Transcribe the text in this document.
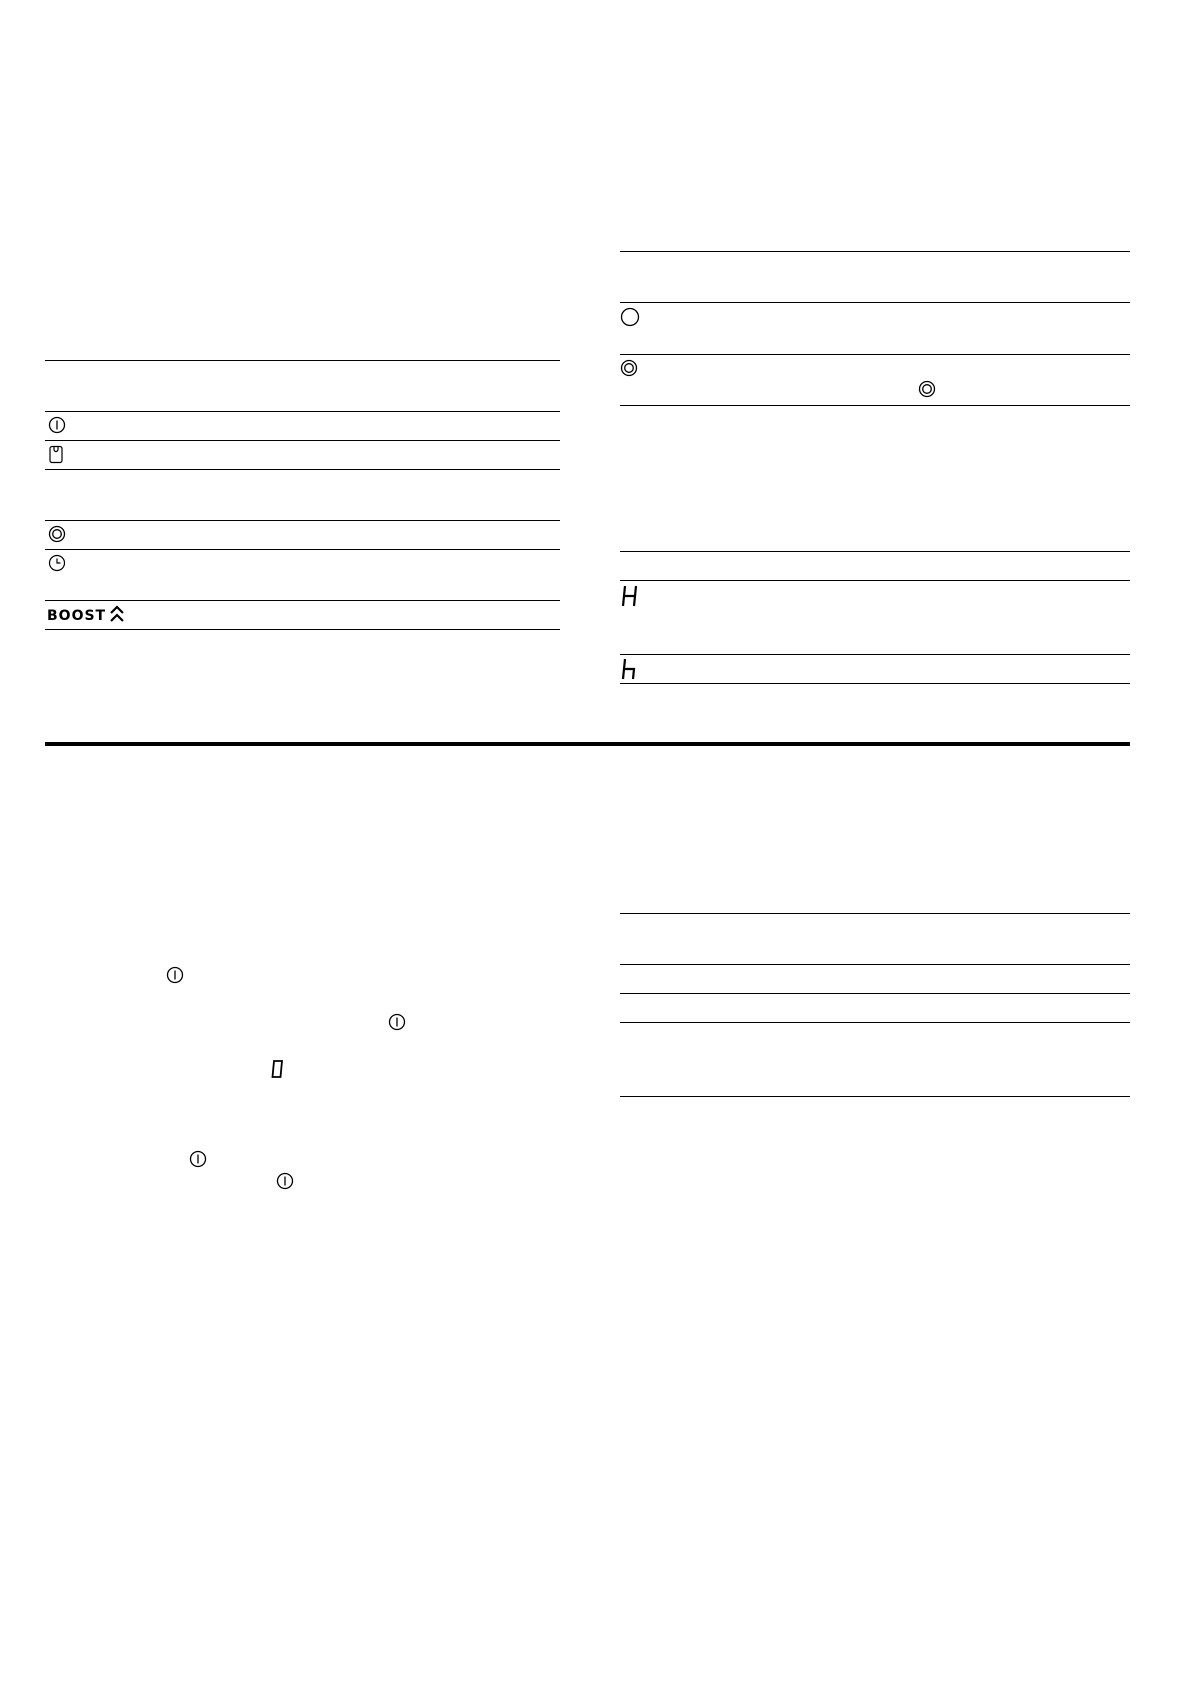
BOOST
